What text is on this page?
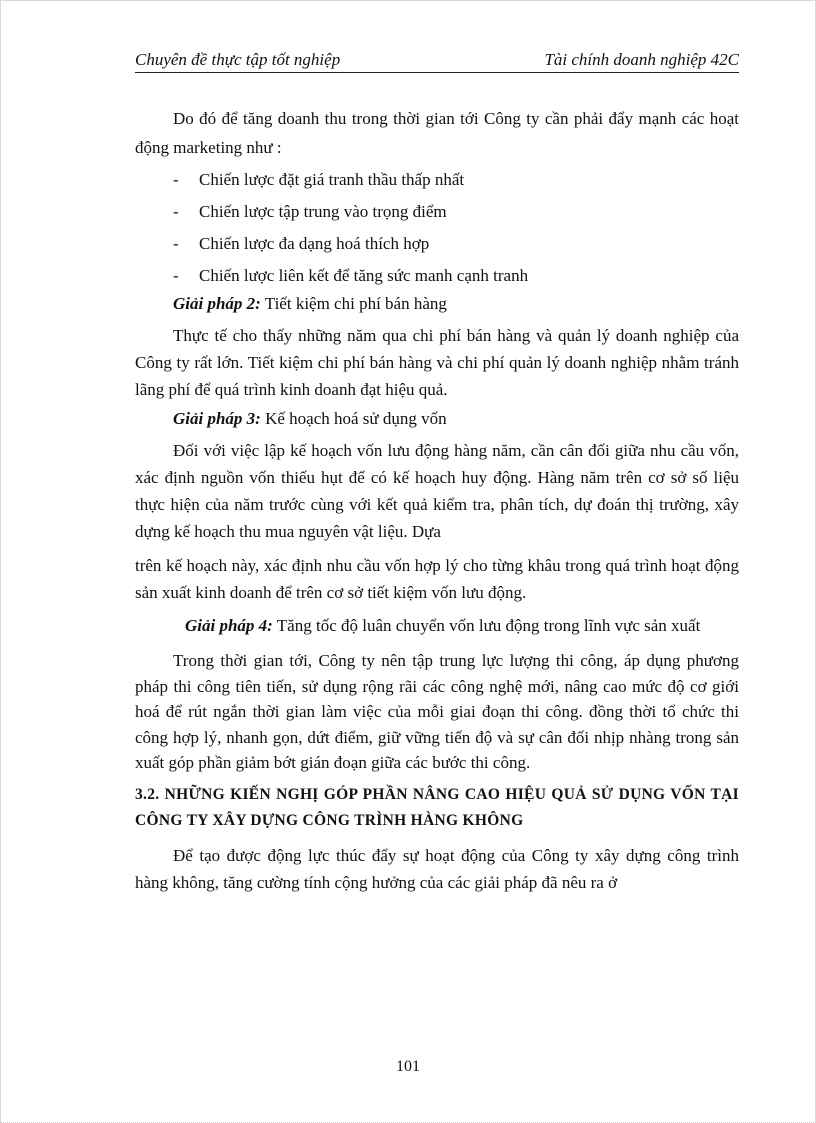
Chuyên đề thực tập tốt nghiệp	Tài chính doanh nghiệp 42C

Do đó để tăng doanh thu trong thời gian tới Công ty cần phải đẩy mạnh các hoạt động marketing như :

-	Chiến lược đặt giá tranh thầu thấp nhất
-	Chiến lược tập trung vào trọng điểm
-	Chiến lược đa dạng hoá thích hợp
-	Chiến lược liên kết để tăng sức manh cạnh tranh

Giải pháp 2: Tiết kiệm chi phí bán hàng

Thực tế cho thấy những năm qua chi phí bán hàng và quản lý doanh nghiệp của Công ty rất lớn. Tiết kiệm chi phí bán hàng và chi phí quản lý doanh nghiệp nhằm tránh lãng phí để quá trình kinh doanh đạt hiệu quả.

Giải pháp 3: Kế hoạch hoá sử dụng vốn

Đối với việc lập kế hoạch vốn lưu động hàng năm, cần cân đối giữa nhu cầu vốn, xác định nguồn vốn thiếu hụt để có kế hoạch huy động. Hàng năm trên cơ sở số liệu thực hiện của năm trước cùng với kết quả kiểm tra, phân tích, dự đoán thị trường, xây dựng kế hoạch thu mua nguyên vật liệu. Dựa

trên kế hoạch này, xác định nhu cầu vốn hợp lý cho từng khâu trong quá trình hoạt động sản xuất kinh doanh để trên cơ sở tiết kiệm vốn lưu động.

Giải pháp 4: Tăng tốc độ luân chuyển vốn lưu động trong lĩnh vực sản xuất

Trong thời gian tới, Công ty nên tập trung lực lượng thi công, áp dụng phương pháp thi công tiên tiến, sử dụng rộng rãi các công nghệ mới, nâng cao mức độ cơ giới hoá để rút ngắn thời gian làm việc của mỗi giai đoạn thi công. đồng thời tổ chức thi công hợp lý, nhanh gọn, dứt điểm, giữ vững tiến độ và sự cân đối nhịp nhàng trong sản xuất góp phần giảm bớt gián đoạn giữa các bước thi công.

3.2. NHỮNG KIẾN NGHỊ GÓP PHẦN NÂNG CAO HIỆU QUẢ SỬ DỤNG VỐN TẠI CÔNG TY XÂY DỰNG CÔNG TRÌNH HÀNG KHÔNG

Để tạo được động lực thúc đẩy sự hoạt động của Công ty xây dựng công trình hàng không, tăng cường tính cộng hưởng của các giải pháp đã nêu ra ở

101
